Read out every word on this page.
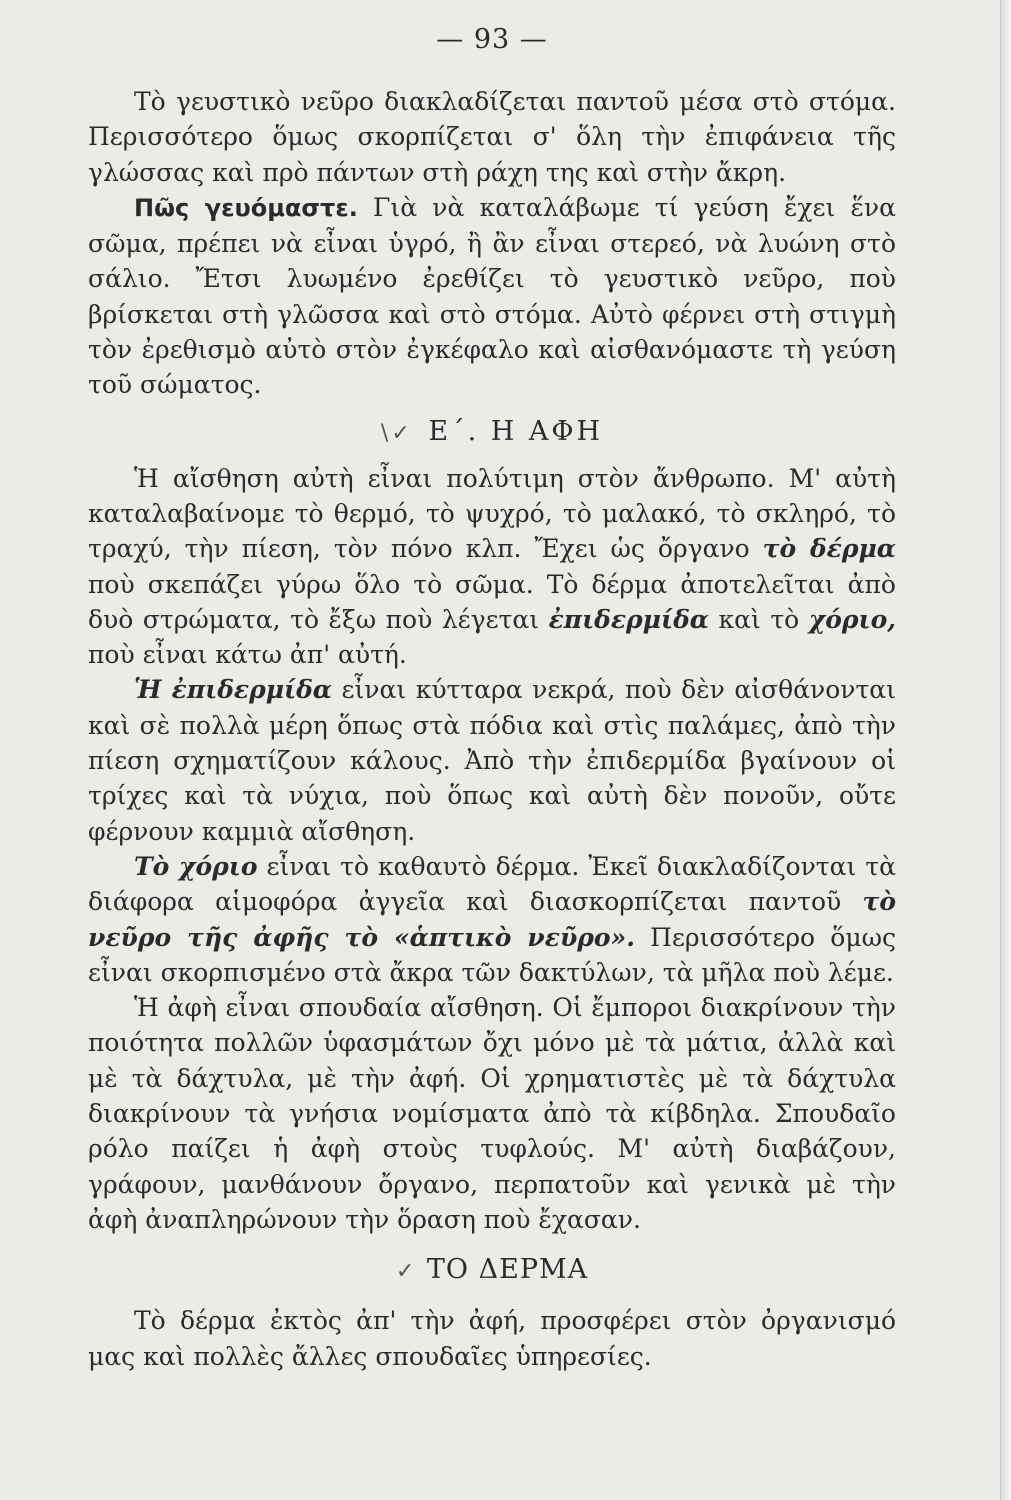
— 93 —

Τὸ γευστικὸ νεῦρο διακλαδίζεται παντοῦ μέσα στὸ στόμα. Περισσότερο ὅμως σκορπίζεται σ' ὅλη τὴν ἐπιφάνεια τῆς γλώσσας καὶ πρὸ πάντων στὴ ράχη της καὶ στὴν ἄκρη.

Πῶς γευόμαστε. Γιὰ νὰ καταλάβωμε τί γεύση ἔχει ἕνα σῶμα, πρέπει νὰ εἶναι ὑγρό, ἢ ἂν εἶναι στερεό, νὰ λυώνη στὸ σάλιο. Ἔτσι λυωμένο ἐρεθίζει τὸ γευστικὸ νεῦρο, ποὺ βρίσκεται στὴ γλῶσσα καὶ στὸ στόμα. Αὐτὸ φέρνει στὴ στιγμὴ τὸν ἐρεθισμὸ αὐτὸ στὸν ἐγκέφαλο καὶ αἰσθανόμαστε τὴ γεύση τοῦ σώματος.

\✓ Ε΄. Η ΑΦΗ

Ἡ αἴσθηση αὐτὴ εἶναι πολύτιμη στὸν ἄνθρωπο. Μ' αὐτὴ καταλαβαίνομε τὸ θερμό, τὸ ψυχρό, τὸ μαλακό, τὸ σκληρό, τὸ τραχύ, τὴν πίεση, τὸν πόνο κλπ. Ἔχει ὡς ὄργανο τὸ δέρμα ποὺ σκεπάζει γύρω ὅλο τὸ σῶμα. Τὸ δέρμα ἀποτελεῖται ἀπὸ δυὸ στρώματα, τὸ ἔξω ποὺ λέγεται ἐπιδερμίδα καὶ τὸ χόριο, ποὺ εἶναι κάτω ἀπ' αὐτή.

Ἡ ἐπιδερμίδα εἶναι κύτταρα νεκρά, ποὺ δὲν αἰσθάνονται καὶ σὲ πολλὰ μέρη ὅπως στὰ πόδια καὶ στὶς παλάμες, ἀπὸ τὴν πίεση σχηματίζουν κάλους. Ἀπὸ τὴν ἐπιδερμίδα βγαίνουν οἱ τρίχες καὶ τὰ νύχια, ποὺ ὅπως καὶ αὐτὴ δὲν πονοῦν, οὔτε φέρνουν καμμιὰ αἴσθηση.

Τὸ χόριο εἶναι τὸ καθαυτὸ δέρμα. Ἐκεῖ διακλαδίζονται τὰ διάφορα αἱμοφόρα ἀγγεῖα καὶ διασκορπίζεται παντοῦ τὸ νεῦρο τῆς ἀφῆς τὸ «ἁπτικὸ νεῦρο». Περισσότερο ὅμως εἶναι σκορπισμένο στὰ ἄκρα τῶν δακτύλων, τὰ μῆλα ποὺ λέμε.

Ἡ ἀφὴ εἶναι σπουδαία αἴσθηση. Οἱ ἔμποροι διακρίνουν τὴν ποιότητα πολλῶν ὑφασμάτων ὄχι μόνο μὲ τὰ μάτια, ἀλλὰ καὶ μὲ τὰ δάχτυλα, μὲ τὴν ἀφή. Οἱ χρηματιστὲς μὲ τὰ δάχτυλα διακρίνουν τὰ γνήσια νομίσματα ἀπὸ τὰ κίβδηλα. Σπουδαῖο ρόλο παίζει ἡ ἀφὴ στοὺς τυφλούς. Μ' αὐτὴ διαβάζουν, γράφουν, μανθάνουν ὄργανο, περπατοῦν καὶ γενικὰ μὲ τὴν ἀφὴ ἀναπληρώνουν τὴν ὅραση ποὺ ἔχασαν.

✓ ΤΟ ΔΕΡΜΑ

Τὸ δέρμα ἐκτὸς ἀπ' τὴν ἀφή, προσφέρει στὸν ὀργανισμό μας καὶ πολλὲς ἄλλες σπουδαῖες ὑπηρεσίες.
